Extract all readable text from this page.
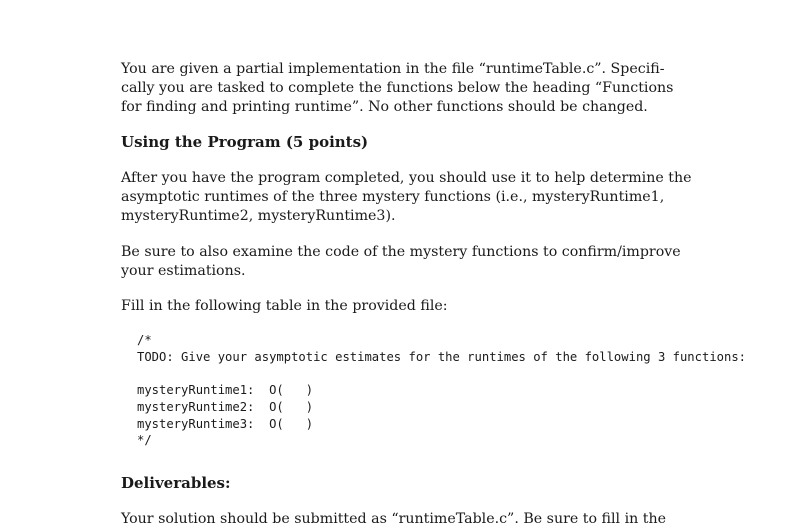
You are given a partial implementation in the file “runtimeTable.c”. Specifi-
cally you are tasked to complete the functions below the heading “Functions
for finding and printing runtime”. No other functions should be changed.

Using the Program (5 points)

After you have the program completed, you should use it to help determine the
asymptotic runtimes of the three mystery functions (i.e., mysteryRuntime1,
mysteryRuntime2, mysteryRuntime3).

Be sure to also examine the code of the mystery functions to confirm/improve
your estimations.

Fill in the following table in the provided file:

/*
TODO: Give your asymptotic estimates for the runtimes of the following 3 functions:

mysteryRuntime1:  O(   )
mysteryRuntime2:  O(   )
mysteryRuntime3:  O(   )
*/
Deliverables:

Your solution should be submitted as “runtimeTable.c”. Be sure to fill in the
